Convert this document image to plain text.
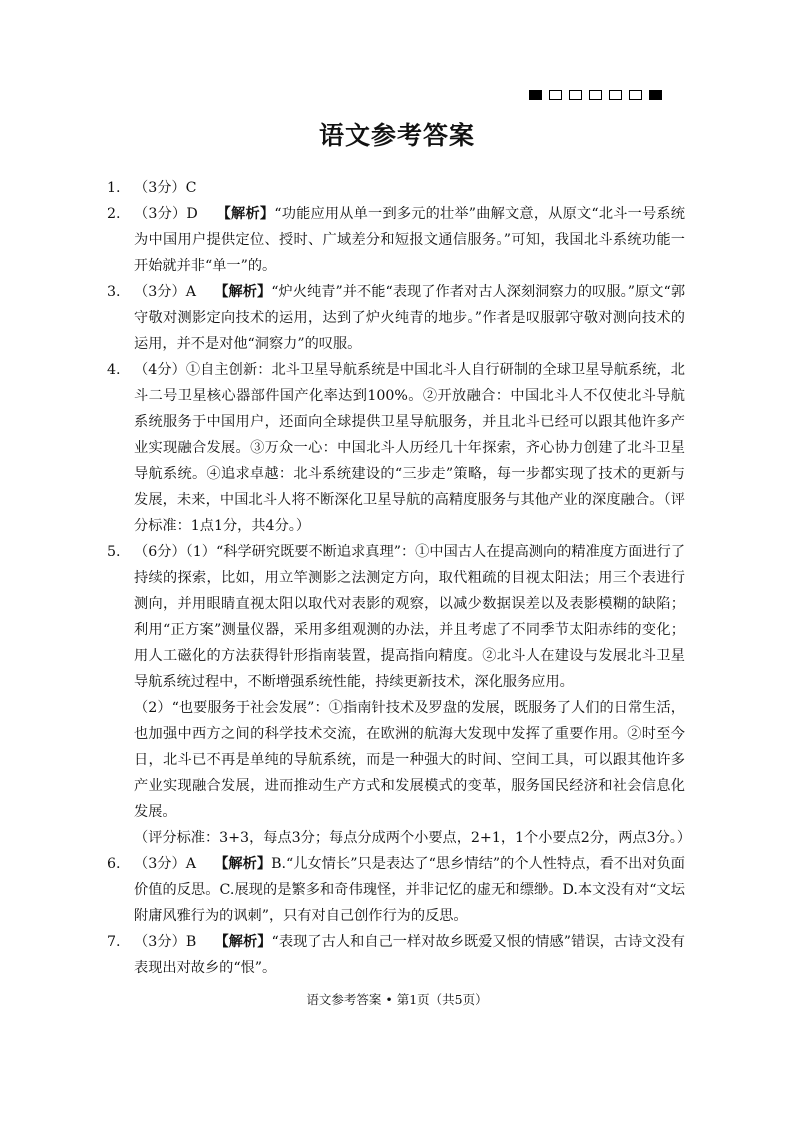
语文参考答案
1. （3分）C
2. （3分）D 【解析】“功能应用从单一到多元的壮举”曲解文意，从原文“北斗一号系统为中国用户提供定位、授时、广域差分和短报文通信服务。”可知，我国北斗系统功能一开始就并非“单一”的。
3. （3分）A 【解析】“炉火纯青”并不能“表现了作者对古人深刻洞察力的叹服。”原文“郭守敬对测影定向技术的运用，达到了炉火纯青的地步。”作者是叹服郭守敬对测向技术的运用，并不是对他“洞察力”的叹服。
4. （4分）①自主创新：北斗卫星导航系统是中国北斗人自行研制的全球卫星导航系统，北斗二号卫星核心器部件国产化率达到100%。②开放融合：中国北斗人不仅使北斗导航系统服务于中国用户，还面向全球提供卫星导航服务，并且北斗已经可以跟其他许多产业实现融合发展。③万众一心：中国北斗人历经几十年探索，齐心协力创建了北斗卫星导航系统。④追求卓越：北斗系统建设的“三步走”策略，每一步都实现了技术的更新与发展，未来，中国北斗人将不断深化卫星导航的高精度服务与其他产业的深度融合。（评分标准：1点1分，共4分。）
5. （6分）（1）“科学研究既要不断追求真理”：①中国古人在提高测向的精准度方面进行了持续的探索，比如，用立竿测影之法测定方向，取代粗疏的目视太阳法；用三个表进行测向，并用眼睛直视太阳以取代对表影的观察，以减少数据误差以及表影模糊的缺陷；利用“正方案”测量仪器，采用多组观测的办法，并且考虑了不同季节太阳赤纬的变化；用人工磁化的方法获得针形指南装置，提高指向精度。②北斗人在建设与发展北斗卫星导航系统过程中，不断增强系统性能，持续更新技术，深化服务应用。
（2）“也要服务于社会发展”：①指南针技术及罗盘的发展，既服务了人们的日常生活，也加强中西方之间的科学技术交流，在欧洲的航海大发现中发挥了重要作用。②时至今日，北斗已不再是单纯的导航系统，而是一种强大的时间、空间工具，可以跟其他许多产业实现融合发展，进而推动生产方式和发展模式的变革，服务国民经济和社会信息化发展。
（评分标准：3+3，每点3分；每点分成两个小要点，2+1，1个小要点2分，两点3分。）
6. （3分）A 【解析】B.“儿女情长”只是表达了“思乡情结”的个人性特点，看不出对负面价值的反思。C.展现的是繁多和奇伟瑰怪，并非记忆的虚无和缥缈。D.本文没有对“文坛附庸风雅行为的讽刺”，只有对自己创作行为的反思。
7. （3分）B 【解析】“表现了古人和自己一样对故乡既爱又恨的情感”错误，古诗文没有表现出对故乡的“恨”。
语文参考答案 • 第1页（共5页）
